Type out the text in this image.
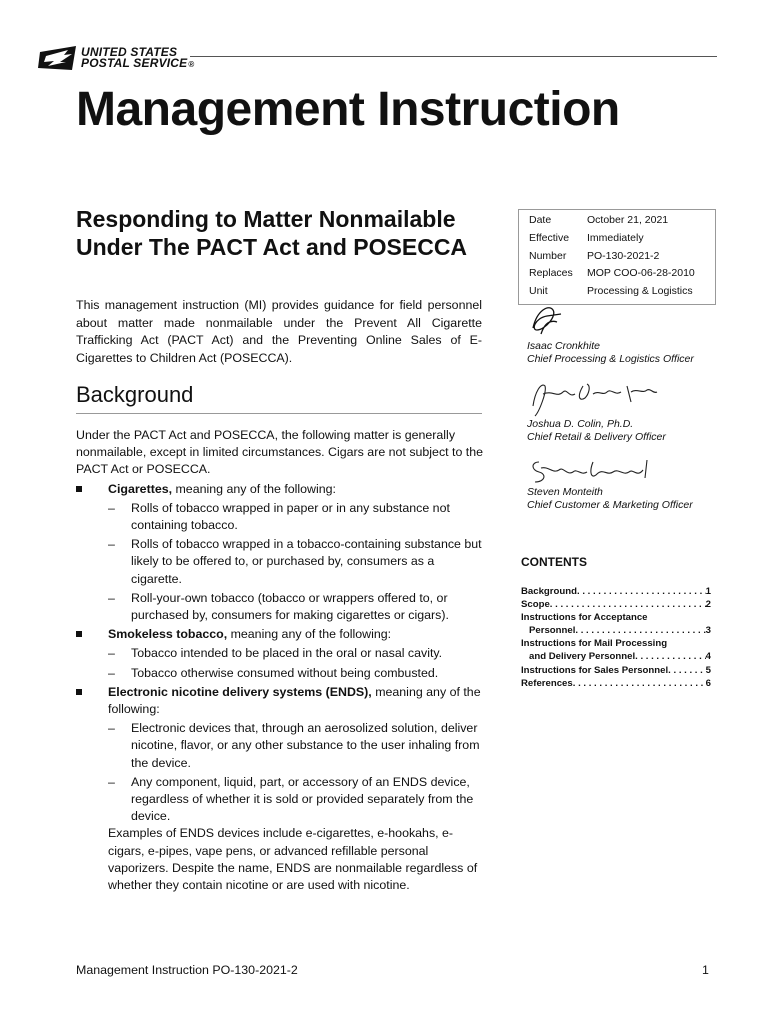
UNITED STATES
POSTAL SERVICE®
Management Instruction
Responding to Matter Nonmailable Under The PACT Act and POSECCA

This management instruction (MI) provides guidance for field personnel about matter made nonmailable under the Prevent All Cigarette Trafficking Act (PACT Act) and the Preventing Online Sales of E-Cigarettes to Children Act (POSECCA).

Background

Under the PACT Act and POSECCA, the following matter is generally nonmailable, except in limited circumstances. Cigars are not subject to the PACT Act or POSECCA.

Cigarettes, meaning any of the following:
– Rolls of tobacco wrapped in paper or in any substance not containing tobacco.
– Rolls of tobacco wrapped in a tobacco-containing substance but likely to be offered to, or purchased by, consumers as a cigarette.
– Roll-your-own tobacco (tobacco or wrappers offered to, or purchased by, consumers for making cigarettes or cigars).
Smokeless tobacco, meaning any of the following:
– Tobacco intended to be placed in the oral or nasal cavity.
– Tobacco otherwise consumed without being combusted.
Electronic nicotine delivery systems (ENDS), meaning any of the following:
– Electronic devices that, through an aerosolized solution, deliver nicotine, flavor, or any other substance to the user inhaling from the device.
– Any component, liquid, part, or accessory of an ENDS device, regardless of whether it is sold or provided separately from the device.

Examples of ENDS devices include e-cigarettes, e-hookahs, e-cigars, e-pipes, vape pens, or advanced refillable personal vaporizers. Despite the name, ENDS are nonmailable regardless of whether they contain nicotine or are used with nicotine.

Date	October 21, 2021
Effective	Immediately
Number	PO-130-2021-2
Replaces	MOP COO-06-28-2010
Unit	Processing & Logistics
Isaac Cronkhite
Chief Processing & Logistics Officer
Joshua D. Colin, Ph.D.
Chief Retail & Delivery Officer
Steven Monteith
Chief Customer & Marketing Officer
CONTENTS
Background . . .	1
Scope . . .	2
Instructions for Acceptance
Personnel . . .	3
Instructions for Mail Processing
and Delivery Personnel . . .	4
Instructions for Sales Personnel . . .	5
References . . .	6
Management Instruction PO-130-2021-2	1
